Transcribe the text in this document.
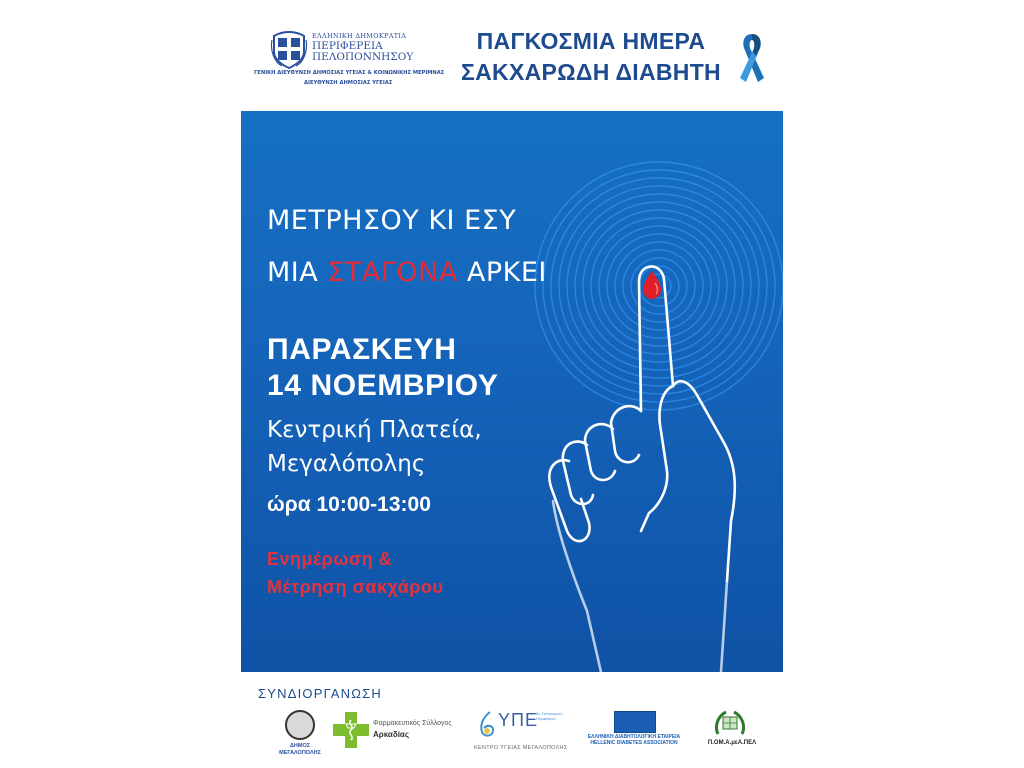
ΕΛΛΗΝΙΚΗ ΔΗΜΟΚΡΑΤΙΑ
ΠΕΡΙΦΕΡΕΙΑ
ΠΕΛΟΠΟΝΝΗΣΟΥ
ΓΕΝΙΚΗ ΔΙΕΥΘΥΝΣΗ ΔΗΜΟΣΙΑΣ ΥΓΕΙΑΣ & ΚΟΙΝΩΝΙΚΗΣ ΜΕΡΙΜΝΑΣ
ΔΙΕΥΘΥΝΣΗ ΔΗΜΟΣΙΑΣ ΥΓΕΙΑΣ
ΠΑΓΚΟΣΜΙΑ ΗΜΕΡΑ
ΣΑΚΧΑΡΩΔΗ ΔΙΑΒΗΤΗ
ΜΕΤΡΗΣΟΥ ΚΙ ΕΣΥ
ΜΙΑ ΣΤΑΓΟΝΑ ΑΡΚΕΙ
ΠΑΡΑΣΚΕΥΗ
14 ΝΟΕΜΒΡΙΟΥ
Κεντρική Πλατεία,
Μεγαλόπολης
ώρα 10:00-13:00
Ενημέρωση &
Μέτρηση σακχάρου
ΣΥΝΔΙΟΡΓΑΝΩΣΗ
ΔΗΜΟΣ
ΜΕΓΑΛΟΠΟΛΗΣ
Φαρμακευτικός Σύλλογος
Αρκαδίας
ΥΠΕ
6η Υγειονομική Περιφέρεια
ΚΕΝΤΡΟ ΥΓΕΙΑΣ ΜΕΓΑΛΟΠΟΛΗΣ
ΕΛΛΗΝΙΚΗ ΔΙΑΒΗΤΟΛΟΓΙΚΗ ΕΤΑΙΡΕΙΑ
HELLENIC DIABETES ASSOCIATION	Π.ΟΜ.Α.μεΑ.ΠΕΛ
